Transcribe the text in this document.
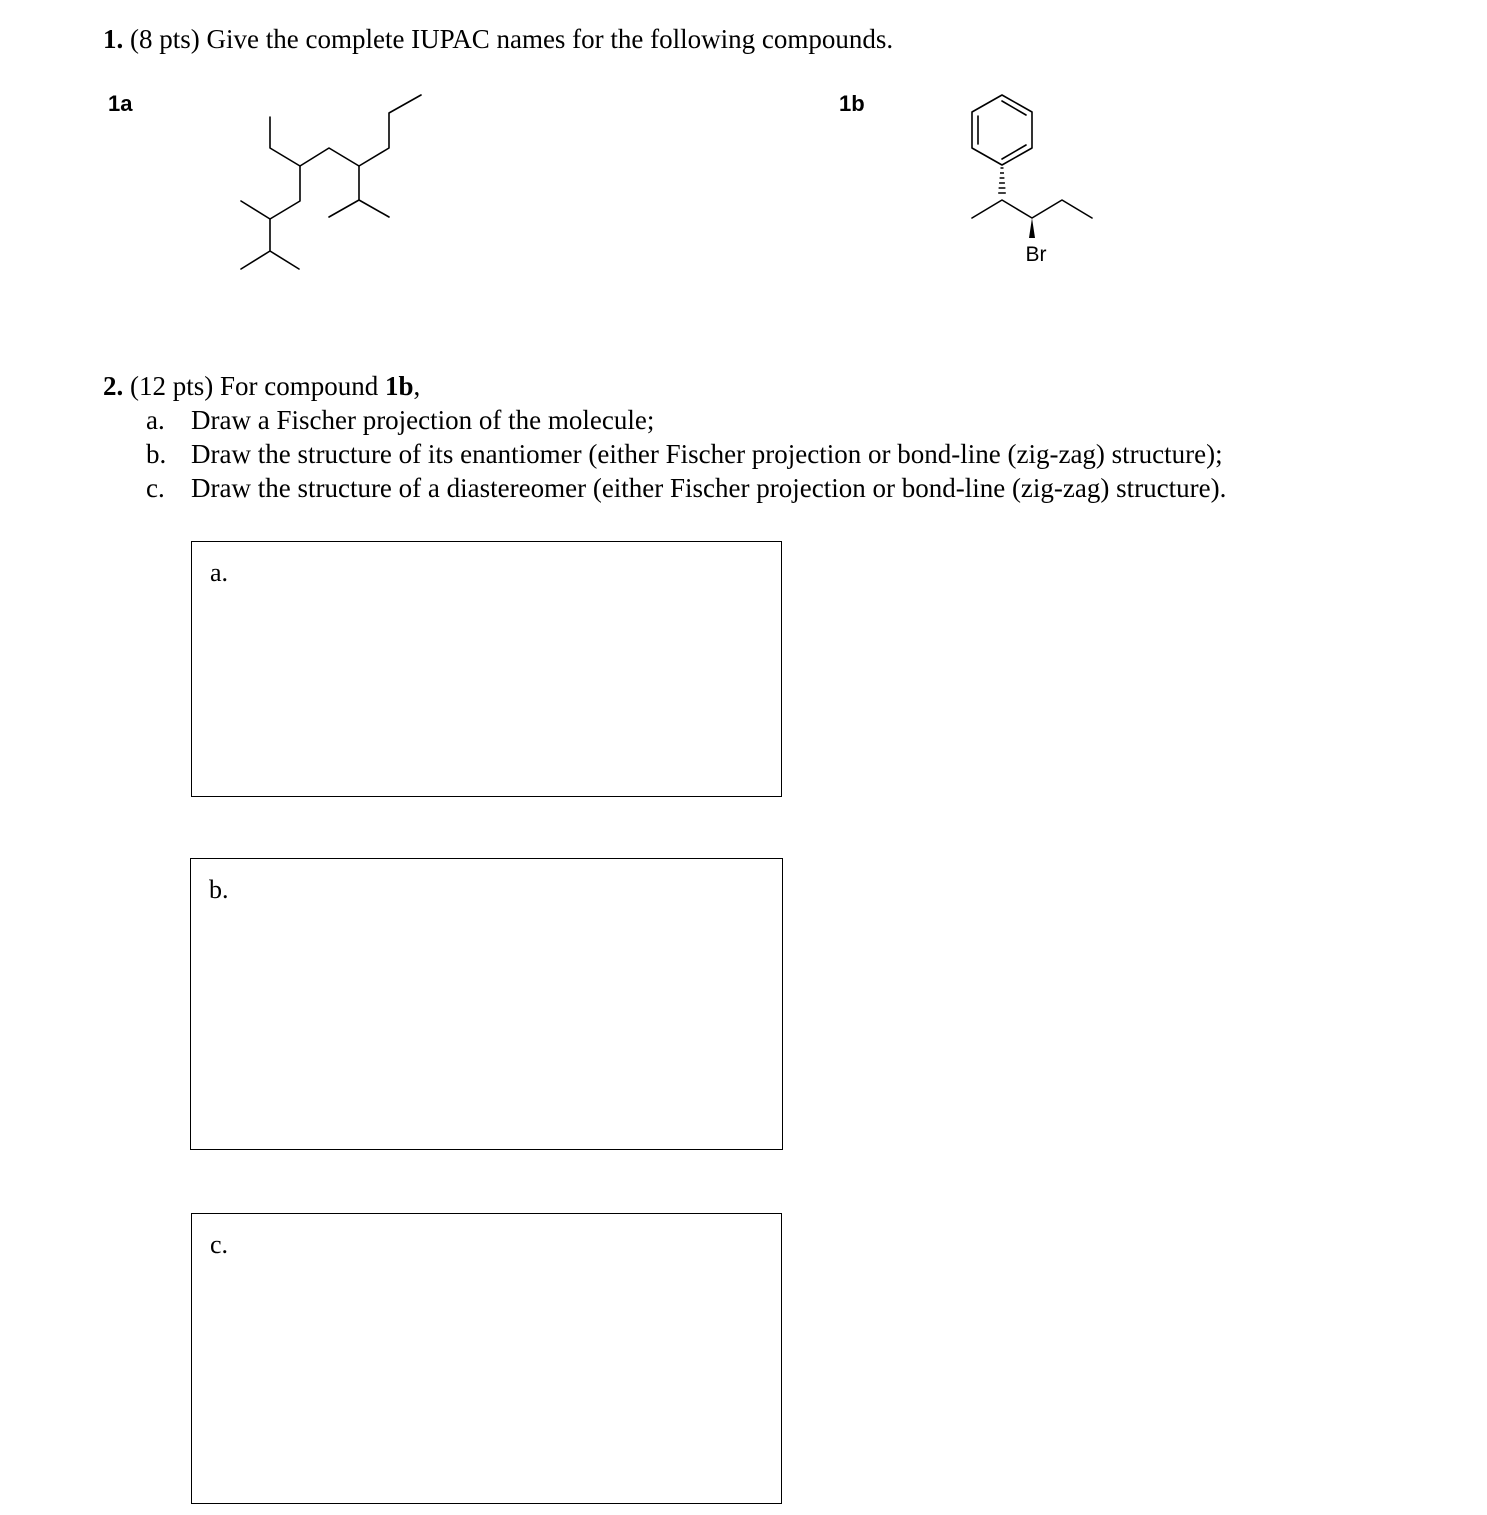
1. (8 pts) Give the complete IUPAC names for the following compounds.
1a	1b
Br
2. (12 pts) For compound 1b,
a. Draw a Fischer projection of the molecule;
b. Draw the structure of its enantiomer (either Fischer projection or bond-line (zig-zag) structure);
c. Draw the structure of a diastereomer (either Fischer projection or bond-line (zig-zag) structure).
a.
b.
c.
